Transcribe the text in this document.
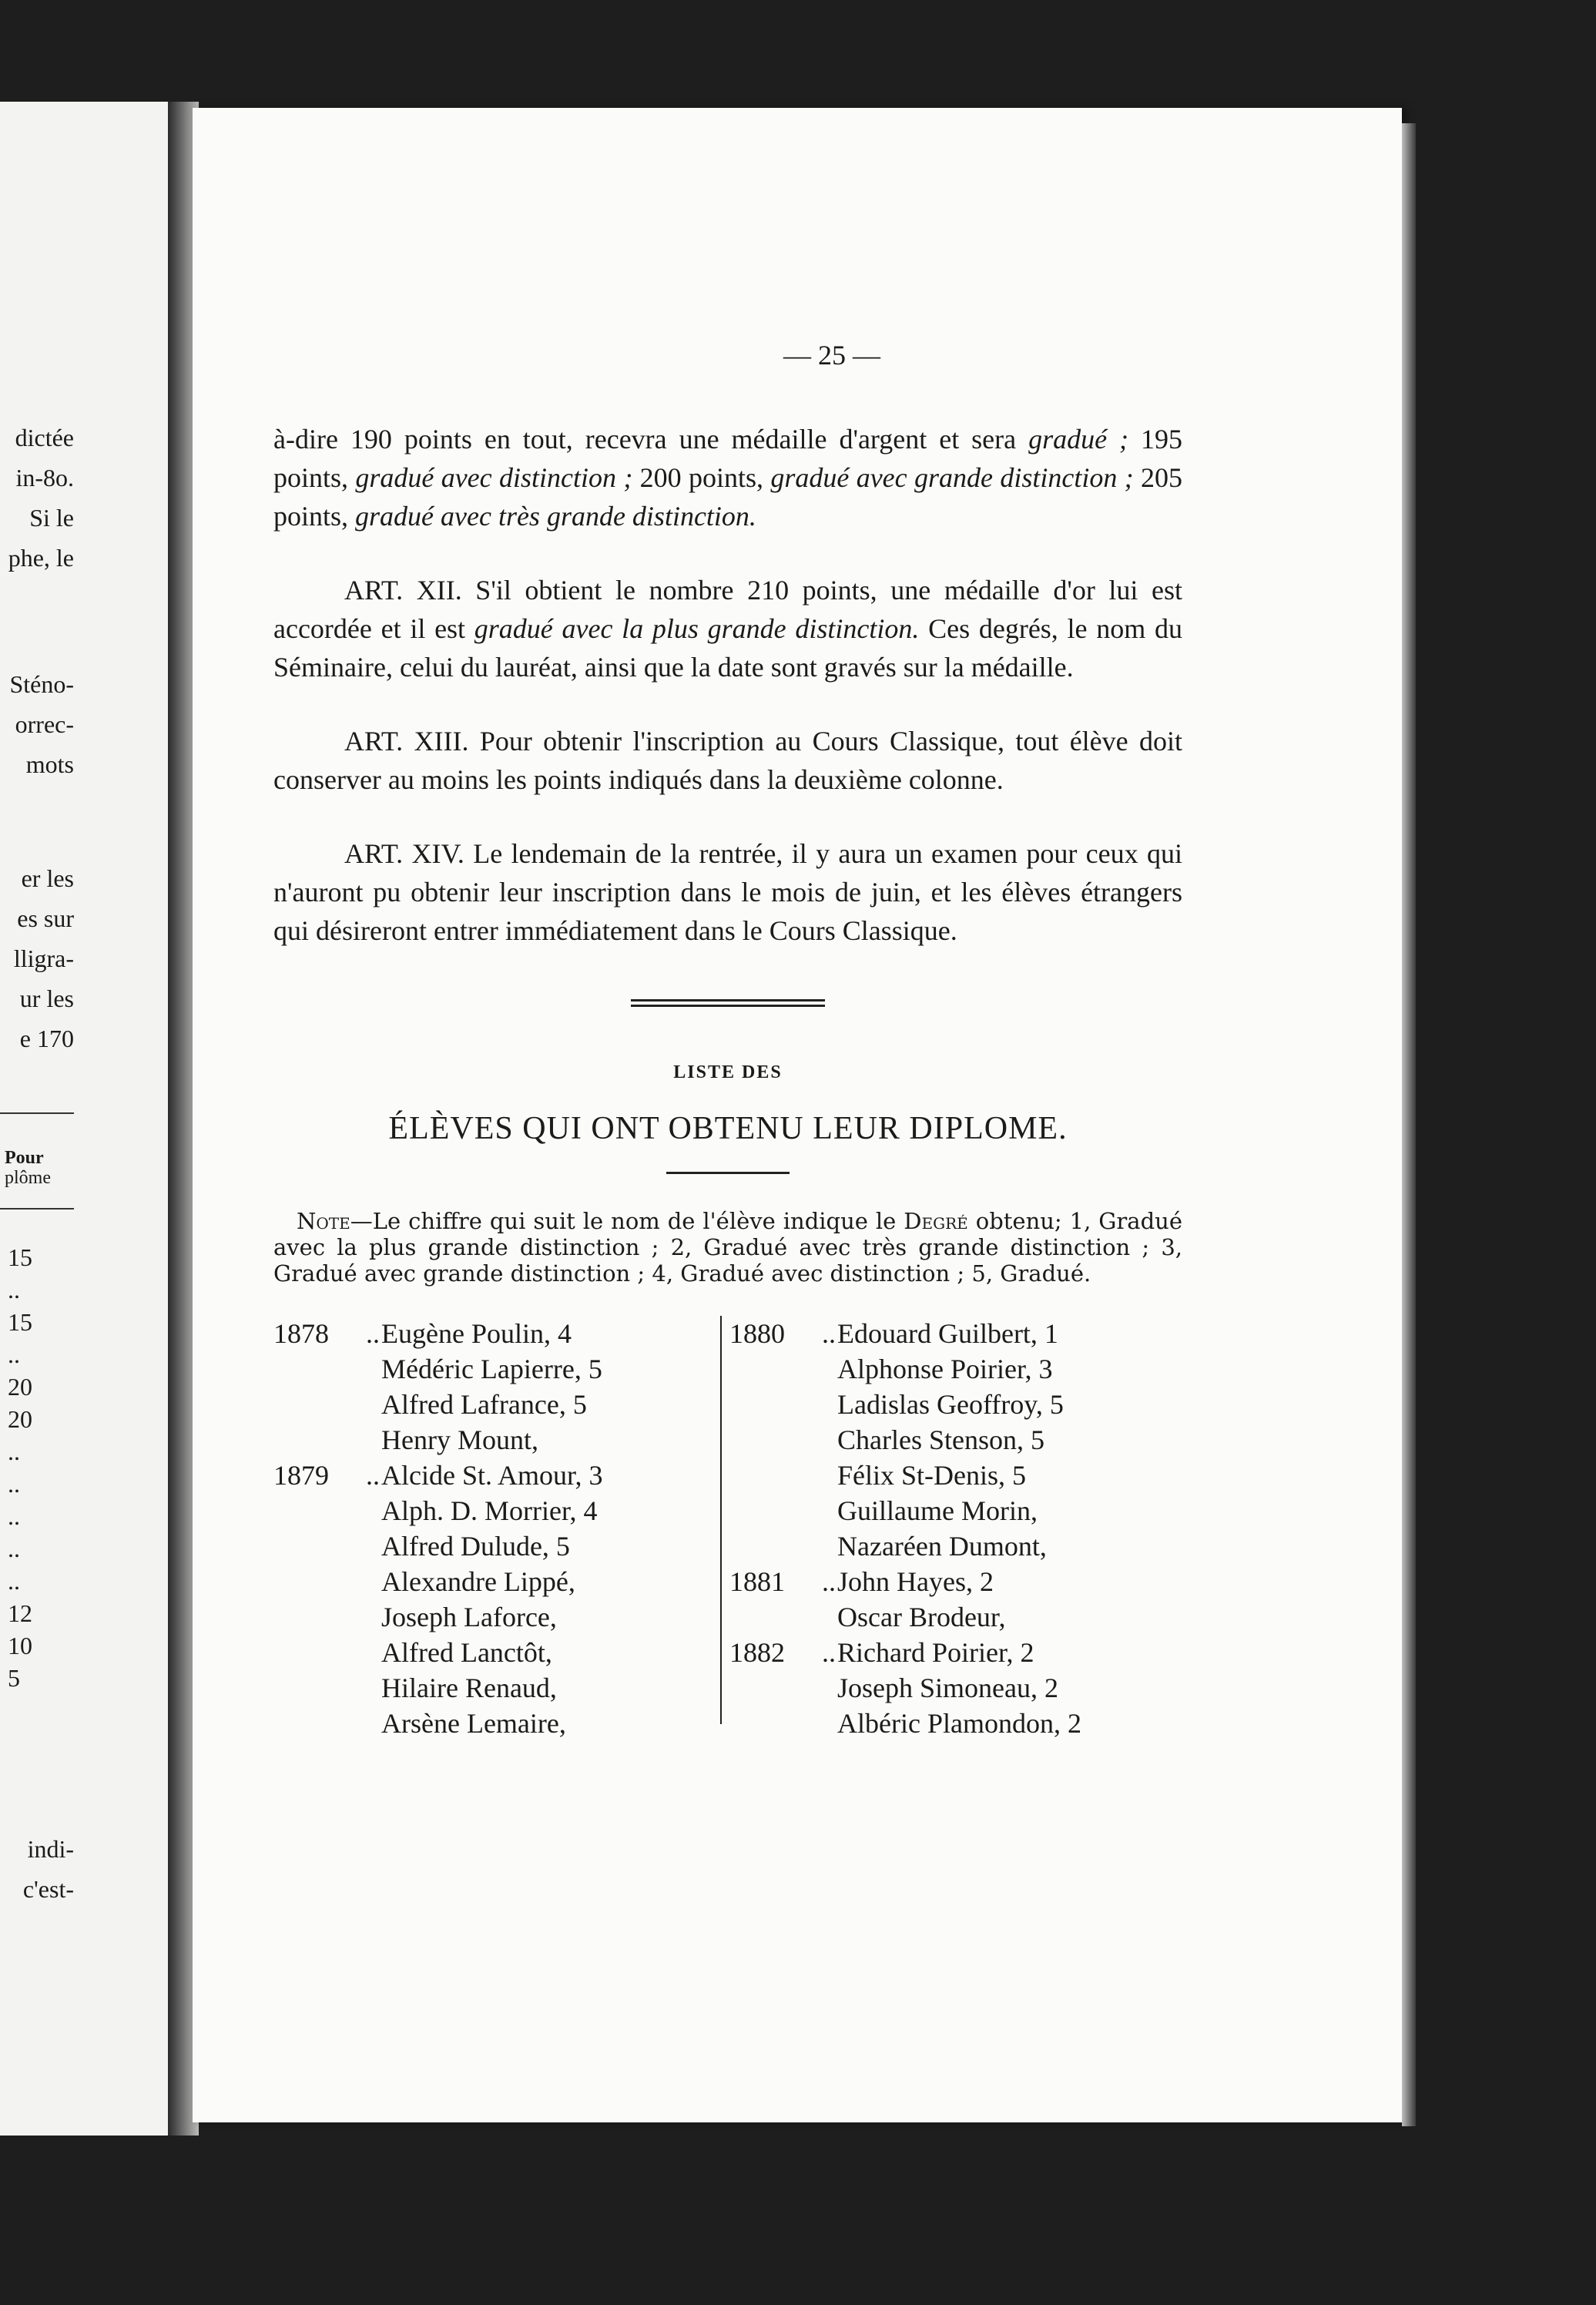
dictée
in-8o.
Si le
phe, le
Sténo-
orrec-
mots
er les
es sur
lligra-
ur les
e 170
Pour
plôme
15
..
15
..
20
20
..
..
..
..
..
12
10
5
indi-
c'est-
— 25 —

à-dire 190 points en tout, recevra une médaille d'argent et sera gradué ; 195 points, gradué avec distinction ; 200 points, gradué avec grande distinction ; 205 points, gradué avec très grande distinction.

ART. XII. S'il obtient le nombre 210 points, une médaille d'or lui est accordée et il est gradué avec la plus grande distinction. Ces degrés, le nom du Séminaire, celui du lauréat, ainsi que la date sont gravés sur la médaille.

ART. XIII. Pour obtenir l'inscription au Cours Classique, tout élève doit conserver au moins les points indiqués dans la deuxième colonne.

ART. XIV. Le lendemain de la rentrée, il y aura un examen pour ceux qui n'auront pu obtenir leur inscription dans le mois de juin, et les élèves étrangers qui désireront entrer immédiatement dans le Cours Classique.

LISTE DES
ÉLÈVES QUI ONT OBTENU LEUR DIPLOME.

Note—Le chiffre qui suit le nom de l'élève indique le Degré obtenu; 1, Gradué avec la plus grande distinction ; 2, Gradué avec très grande distinction ; 3, Gradué avec grande distinction ; 4, Gradué avec distinction ; 5, Gradué.

1878 ..Eugène Poulin, 4
Médéric Lapierre, 5
Alfred Lafrance, 5
Henry Mount,
1879 ..Alcide St. Amour, 3
Alph. D. Morrier, 4
Alfred Dulude, 5
Alexandre Lippé,
Joseph Laforce,
Alfred Lanctôt,
Hilaire Renaud,
Arsène Lemaire,
1880 ..Edouard Guilbert, 1
Alphonse Poirier, 3
Ladislas Geoffroy, 5
Charles Stenson, 5
Félix St-Denis, 5
Guillaume Morin,
Nazaréen Dumont,
1881 ..John Hayes, 2
Oscar Brodeur,
1882 ..Richard Poirier, 2
Joseph Simoneau, 2
Albéric Plamondon, 2
